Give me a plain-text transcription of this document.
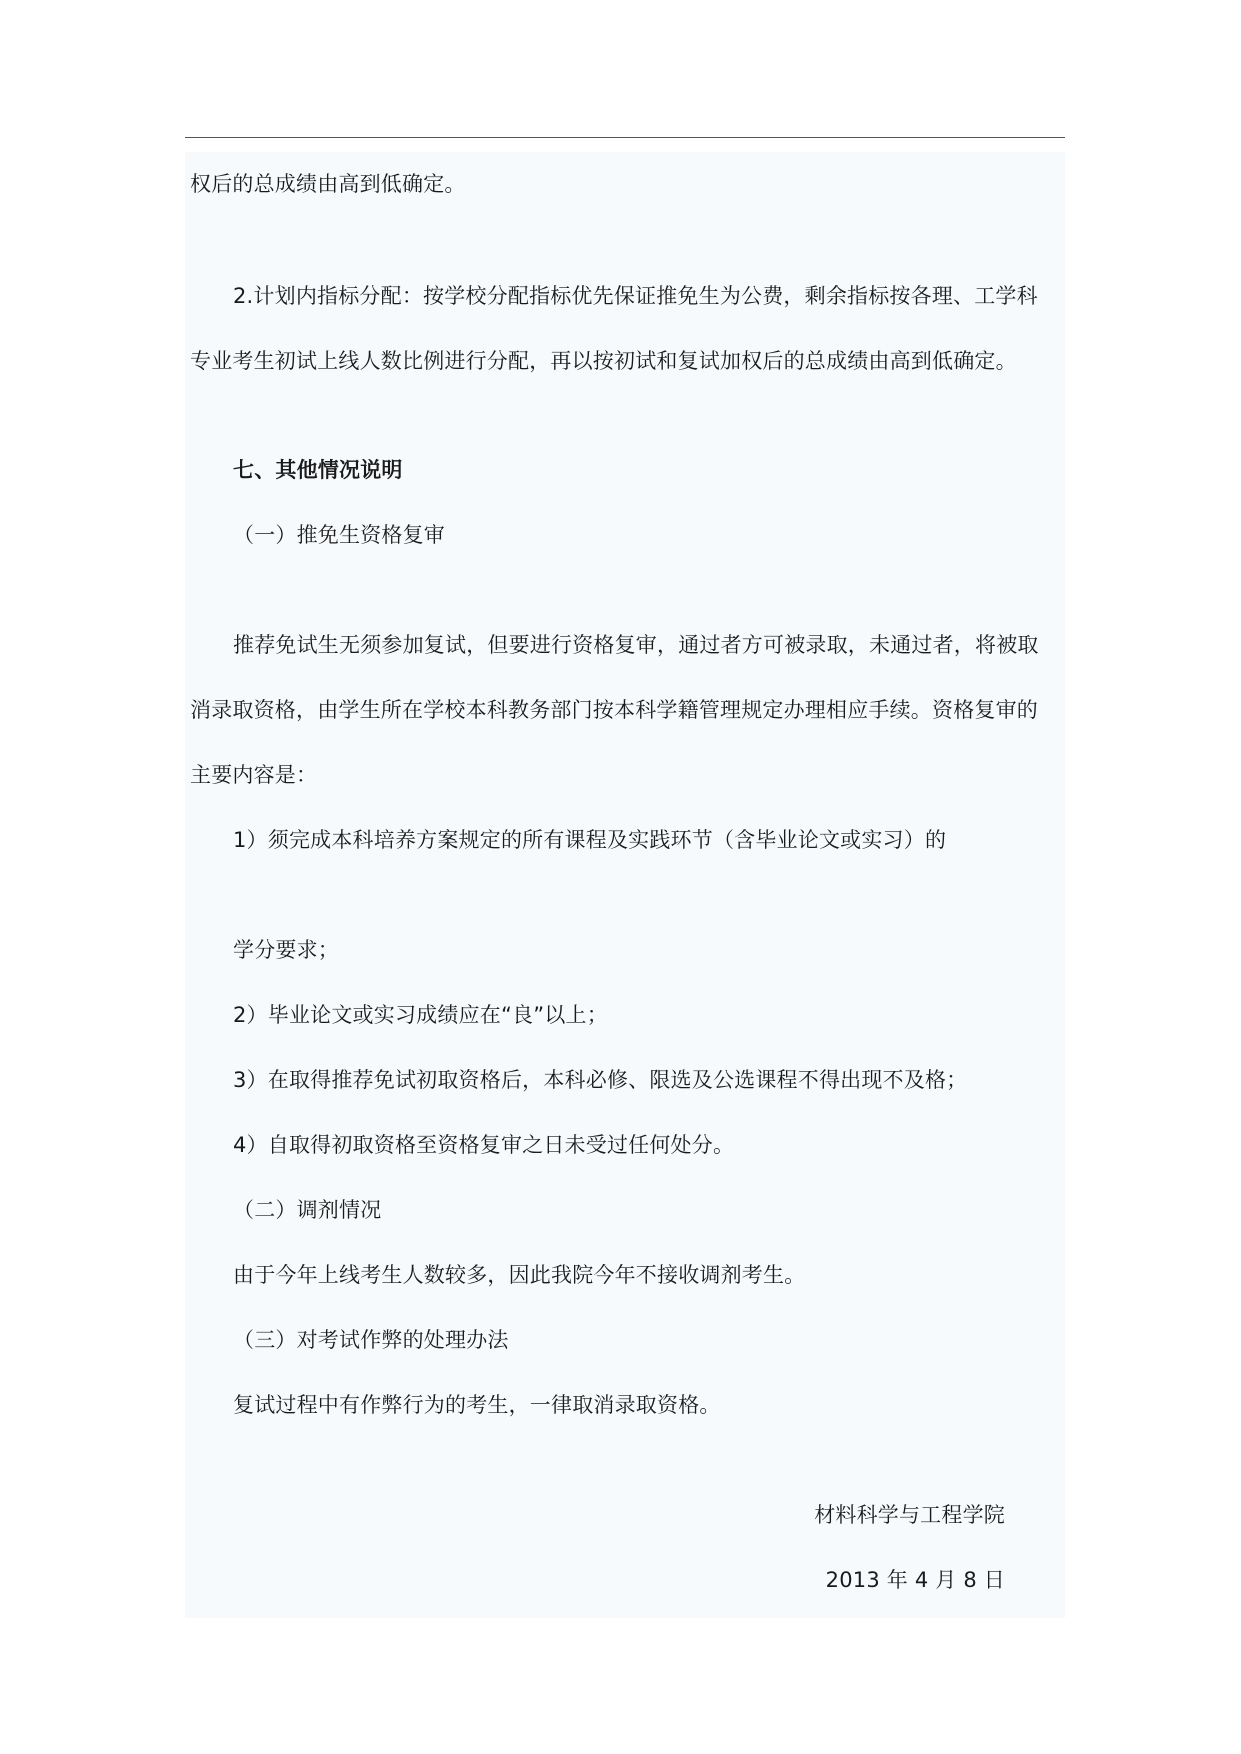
权后的总成绩由高到低确定。
2.计划内指标分配：按学校分配指标优先保证推免生为公费，剩余指标按各理、工学科
专业考生初试上线人数比例进行分配，再以按初试和复试加权后的总成绩由高到低确定。
七、其他情况说明
（一）推免生资格复审
推荐免试生无须参加复试，但要进行资格复审，通过者方可被录取，未通过者，将被取
消录取资格，由学生所在学校本科教务部门按本科学籍管理规定办理相应手续。资格复审的
主要内容是：
1）须完成本科培养方案规定的所有课程及实践环节（含毕业论文或实习）的
学分要求；
2）毕业论文或实习成绩应在“良”以上；
3）在取得推荐免试初取资格后，本科必修、限选及公选课程不得出现不及格；
4）自取得初取资格至资格复审之日未受过任何处分。
（二）调剂情况
由于今年上线考生人数较多，因此我院今年不接收调剂考生。
（三）对考试作弊的处理办法
复试过程中有作弊行为的考生，一律取消录取资格。
材料科学与工程学院
2013 年 4 月 8 日
